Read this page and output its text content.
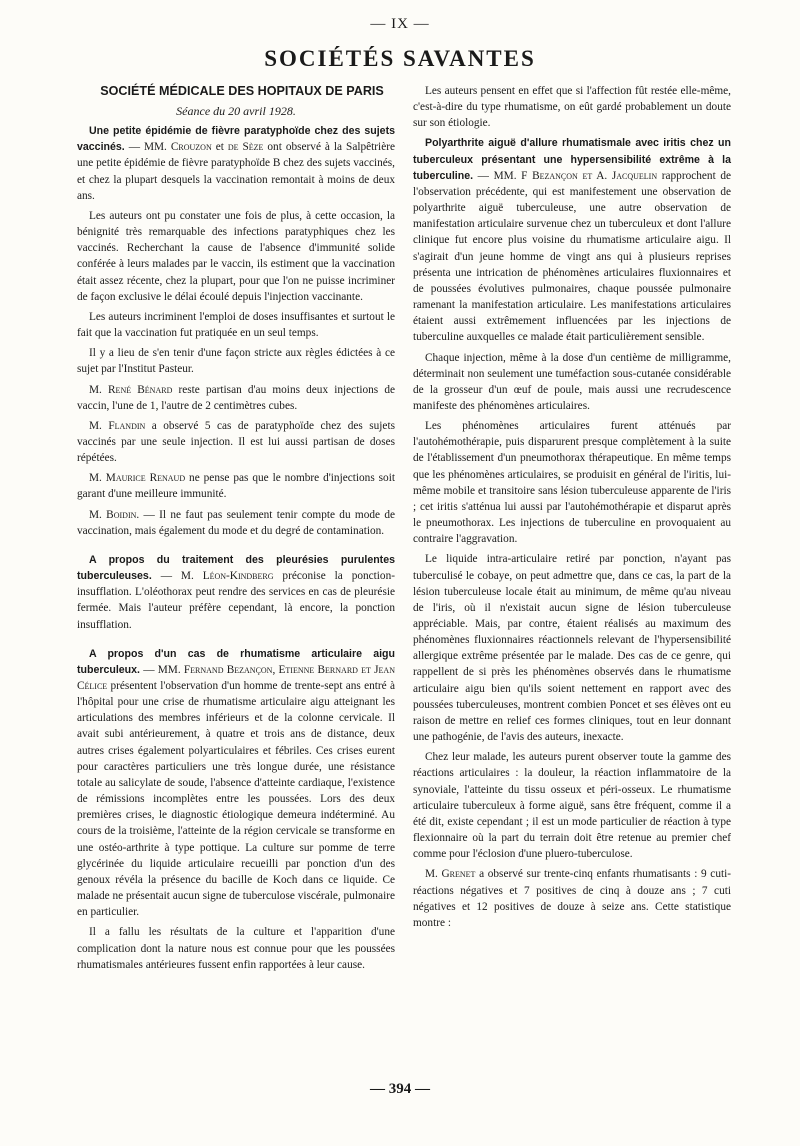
— IX —
SOCIÉTÉS SAVANTES

SOCIÉTÉ MÉDICALE DES HOPITAUX DE PARIS

Séance du 20 avril 1928.

Une petite épidémie de fièvre paratyphoïde chez des sujets vaccinés. — MM. Crouzon et de Sèze ont observé à la Salpêtrière une petite épidémie de fièvre paratyphoïde B chez des sujets vaccinés, et chez la plupart desquels la vaccination remontait à moins de deux ans.

Les auteurs ont pu constater une fois de plus, à cette occasion, la bénignité très remarquable des infections paratyphiques chez les vaccinés. Recherchant la cause de l'absence d'immunité solide conférée à leurs malades par le vaccin, ils estiment que la vaccination était assez récente, chez la plupart, pour que l'on ne puisse incriminer de façon exclusive le délai écoulé depuis l'injection vaccinante.

Les auteurs incriminent l'emploi de doses insuffisantes et surtout le fait que la vaccination fut pratiquée en un seul temps.

Il y a lieu de s'en tenir d'une façon stricte aux règles édictées à ce sujet par l'Institut Pasteur.

M. René Bénard reste partisan d'au moins deux injections de vaccin, l'une de 1, l'autre de 2 centimètres cubes.

M. Flandin a observé 5 cas de paratyphoïde chez des sujets vaccinés par une seule injection. Il est lui aussi partisan de doses répétées.

M. Maurice Renaud ne pense pas que le nombre d'injections soit garant d'une meilleure immunité.

M. Boidin. — Il ne faut pas seulement tenir compte du mode de vaccination, mais également du mode et du degré de contamination.

A propos du traitement des pleurésies purulentes tuberculeuses. — M. Léon-Kindberg préconise la ponction-insufflation. L'oléothorax peut rendre des services en cas de pleurésie fermée. Mais l'auteur préfère cependant, là encore, la ponction insufflation.

A propos d'un cas de rhumatisme articulaire aigu tuberculeux. — MM. Fernand Bezançon, Etienne Bernard et Jean Célice présentent l'observation d'un homme de trente-sept ans entré à l'hôpital pour une crise de rhumatisme articulaire aigu atteignant les articulations des membres inférieurs et de la colonne cervicale. Il avait subi antérieurement, à quatre et trois ans de distance, deux autres crises également polyarticulaires et fébriles. Ces crises eurent pour caractères particuliers une très longue durée, une résistance totale au salicylate de soude, l'absence d'atteinte cardiaque, l'existence de rémissions incomplètes entre les poussées. Lors des deux premières crises, le diagnostic étiologique demeura indéterminé. Au cours de la troisième, l'atteinte de la région cervicale se transforme en une ostéo-arthrite à type pottique. La culture sur pomme de terre glycérinée du liquide articulaire recueilli par ponction d'un des genoux révéla la présence du bacille de Koch dans ce liquide. Ce malade ne présentait aucun signe de tuberculose viscérale, pulmonaire en particulier.

Il a fallu les résultats de la culture et l'apparition d'une complication dont la nature nous est connue pour que les poussées rhumatismales antérieures fussent enfin rapportées à leur cause.

Les auteurs pensent en effet que si l'affection fût restée elle-même, c'est-à-dire du type rhumatisme, on eût gardé probablement un doute sur son étiologie.

Polyarthrite aiguë d'allure rhumatismale avec iritis chez un tuberculeux présentant une hypersensibilité extrême à la tuberculine. — MM. F Bezançon et A. Jacquelin rapprochent de l'observation précédente, qui est manifestement une observation de polyarthrite aiguë tuberculeuse, une autre observation de manifestation articulaire survenue chez un tuberculeux et dont l'allure clinique fut encore plus voisine du rhumatisme articulaire aigu. Il s'agirait d'un jeune homme de vingt ans qui à plusieurs reprises présenta une intrication de phénomènes articulaires fluxionnaires et de poussées évolutives pulmonaires, chaque poussée pulmonaire ramenant la manifestation articulaire. Les manifestations articulaires étaient aussi extrêmement influencées par les injections de tuberculine auxquelles ce malade était particulièrement sensible.

Chaque injection, même à la dose d'un centième de milligramme, déterminait non seulement une tuméfaction sous-cutanée considérable de la grosseur d'un œuf de poule, mais aussi une recrudescence manifeste des phénomènes articulaires.

Les phénomènes articulaires furent atténués par l'autohémothérapie, puis disparurent presque complètement à la suite de l'établissement d'un pneumothorax thérapeutique. En même temps que les phénomènes articulaires, se produisit en général de l'iritis, lui-même mobile et transitoire sans lésion tuberculeuse apparente de l'iris ; cet iritis s'atténua lui aussi par l'autohémothérapie et disparut après le pneumothorax. Les injections de tuberculine en provoquaient au contraire l'aggravation.

Le liquide intra-articulaire retiré par ponction, n'ayant pas tuberculisé le cobaye, on peut admettre que, dans ce cas, la part de la lésion tuberculeuse locale était au minimum, de même qu'au niveau de l'iris, où il n'existait aucun signe de lésion tuberculeuse appréciable. Mais, par contre, étaient réalisés au maximum des phénomènes fluxionnaires réactionnels relevant de l'hypersensibilité allergique extrême présentée par le malade. Des cas de ce genre, qui rappellent de si près les phénomènes observés dans le rhumatisme articulaire aigu bien qu'ils soient nettement en rapport avec des poussées tuberculeuses, montrent combien Poncet et ses élèves ont eu raison de mettre en relief ces formes cliniques, tout en leur donnant une pathogénie, de l'avis des auteurs, inexacte.

Chez leur malade, les auteurs purent observer toute la gamme des réactions articulaires : la douleur, la réaction inflammatoire de la synoviale, l'atteinte du tissu osseux et péri-osseux. Le rhumatisme articulaire tuberculeux à forme aiguë, sans être fréquent, comme il a été dit, existe cependant ; il est un mode particulier de réaction à type flexionnaire où la part du terrain doit être retenue au premier chef comme pour l'éclosion d'une pluero-tuberculose.

M. Grenet a observé sur trente-cinq enfants rhumatisants : 9 cuti-réactions négatives et 7 positives de cinq à douze ans ; 7 cuti négatives et 12 positives de douze à seize ans. Cette statistique montre :

— 394 —
